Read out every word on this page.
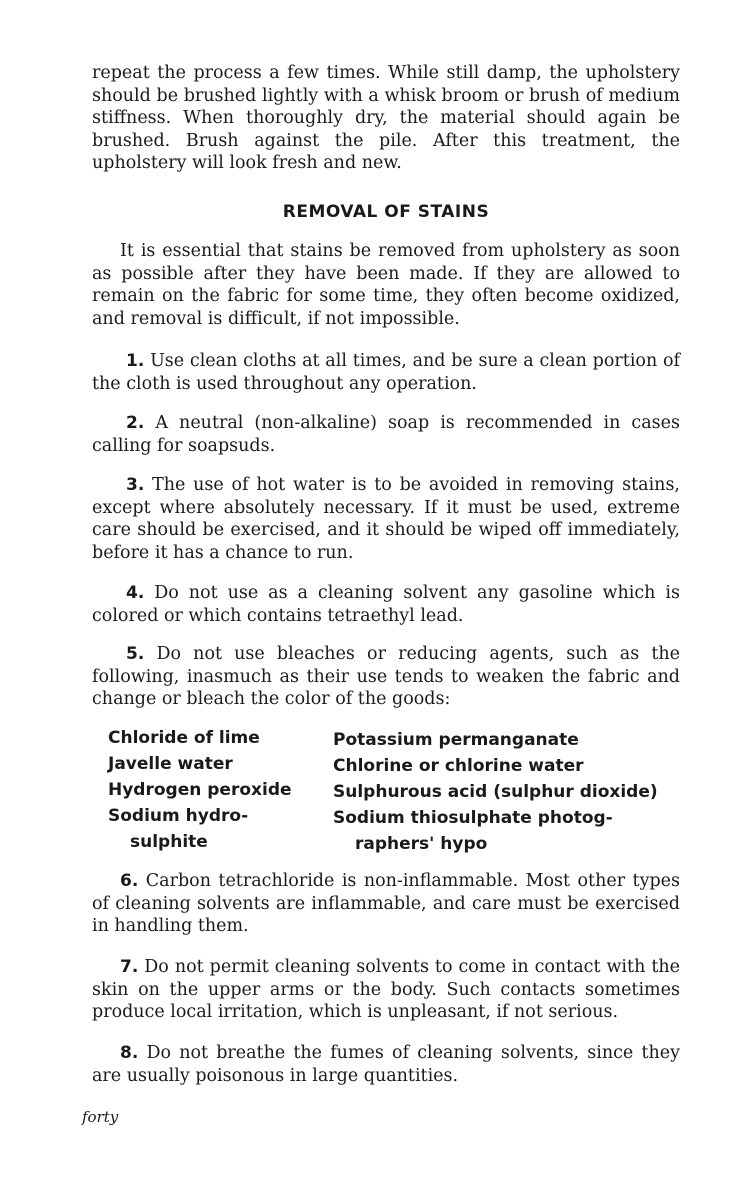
repeat the process a few times. While still damp, the upholstery should be brushed lightly with a whisk broom or brush of medium stiffness. When thoroughly dry, the material should again be brushed. Brush against the pile. After this treatment, the upholstery will look fresh and new.

REMOVAL OF STAINS

It is essential that stains be removed from upholstery as soon as possible after they have been made. If they are allowed to remain on the fabric for some time, they often become oxidized, and removal is difficult, if not impossible.

1. Use clean cloths at all times, and be sure a clean portion of the cloth is used throughout any operation.

2. A neutral (non-alkaline) soap is recommended in cases calling for soapsuds.

3. The use of hot water is to be avoided in removing stains, except where absolutely necessary. If it must be used, extreme care should be exercised, and it should be wiped off immediately, before it has a chance to run.

4. Do not use as a cleaning solvent any gasoline which is colored or which contains tetraethyl lead.

5. Do not use bleaches or reducing agents, such as the following, inasmuch as their use tends to weaken the fabric and change or bleach the color of the goods:

Chloride of lime
Javelle water
Hydrogen peroxide
Sodium hydro-
sulphite
Potassium permanganate
Chlorine or chlorine water
Sulphurous acid (sulphur dioxide)
Sodium thiosulphate photog-
raphers' hypo

6. Carbon tetrachloride is non-inflammable. Most other types of cleaning solvents are inflammable, and care must be exercised in handling them.

7. Do not permit cleaning solvents to come in contact with the skin on the upper arms or the body. Such contacts sometimes produce local irritation, which is unpleasant, if not serious.

8. Do not breathe the fumes of cleaning solvents, since they are usually poisonous in large quantities.

forty
